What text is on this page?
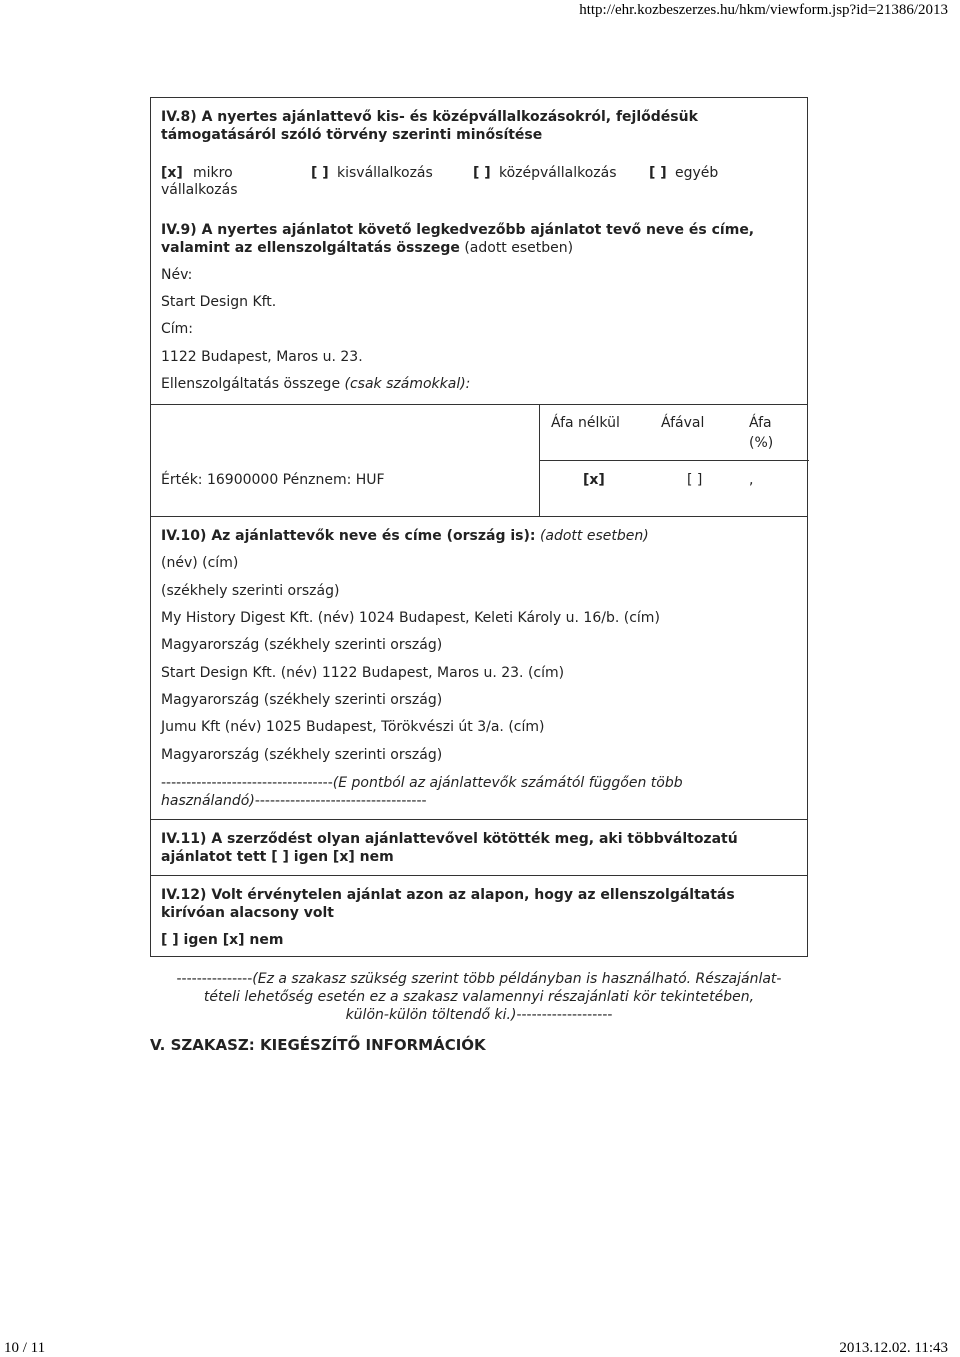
http://ehr.kozbeszerzes.hu/hkm/viewform.jsp?id=21386/2013
10 / 11	2013.12.02. 11:43
IV.8) A nyertes ajánlattevő kis- és középvállalkozásokról, fejlődésük
támogatásáról szóló törvény szerinti minősítése
[x] mikro	[ ] kisvállalkozás	[ ] középvállalkozás [ ] egyéb
vállalkozás
IV.9) A nyertes ajánlatot követő legkedvezőbb ajánlatot tevő neve és címe,
valamint az ellenszolgáltatás összege (adott esetben)
Név:
Start Design Kft.
Cím:
1122 Budapest, Maros u. 23.
Ellenszolgáltatás összege (csak számokkal):
Áfa nélkül	Áfával	Áfa
(%)
Érték: 16900000 Pénznem: HUF	[x]	[ ]	,
IV.10) Az ajánlattevők neve és címe (ország is): (adott esetben)
(név) (cím)
(székhely szerinti ország)
My History Digest Kft. (név) 1024 Budapest, Keleti Károly u. 16/b. (cím)
Magyarország (székhely szerinti ország)
Start Design Kft. (név) 1122 Budapest, Maros u. 23. (cím)
Magyarország (székhely szerinti ország)
Jumu Kft (név) 1025 Budapest, Törökvészi út 3/a. (cím)
Magyarország (székhely szerinti ország)
----------------------------------(E pontból az ajánlattevők számától függően több
használandó)----------------------------------
IV.11) A szerződést olyan ajánlattevővel kötötték meg, aki többváltozatú
ajánlatot tett [ ] igen [x] nem
IV.12) Volt érvénytelen ajánlat azon az alapon, hogy az ellenszolgáltatás
kirívóan alacsony volt
[ ] igen [x] nem
---------------(Ez a szakasz szükség szerint több példányban is használható. Részajánlat-
tételi lehetőség esetén ez a szakasz valamennyi részajánlati kör tekintetében,
külön-külön töltendő ki.)-------------------
V. SZAKASZ: KIEGÉSZÍTŐ INFORMÁCIÓK
